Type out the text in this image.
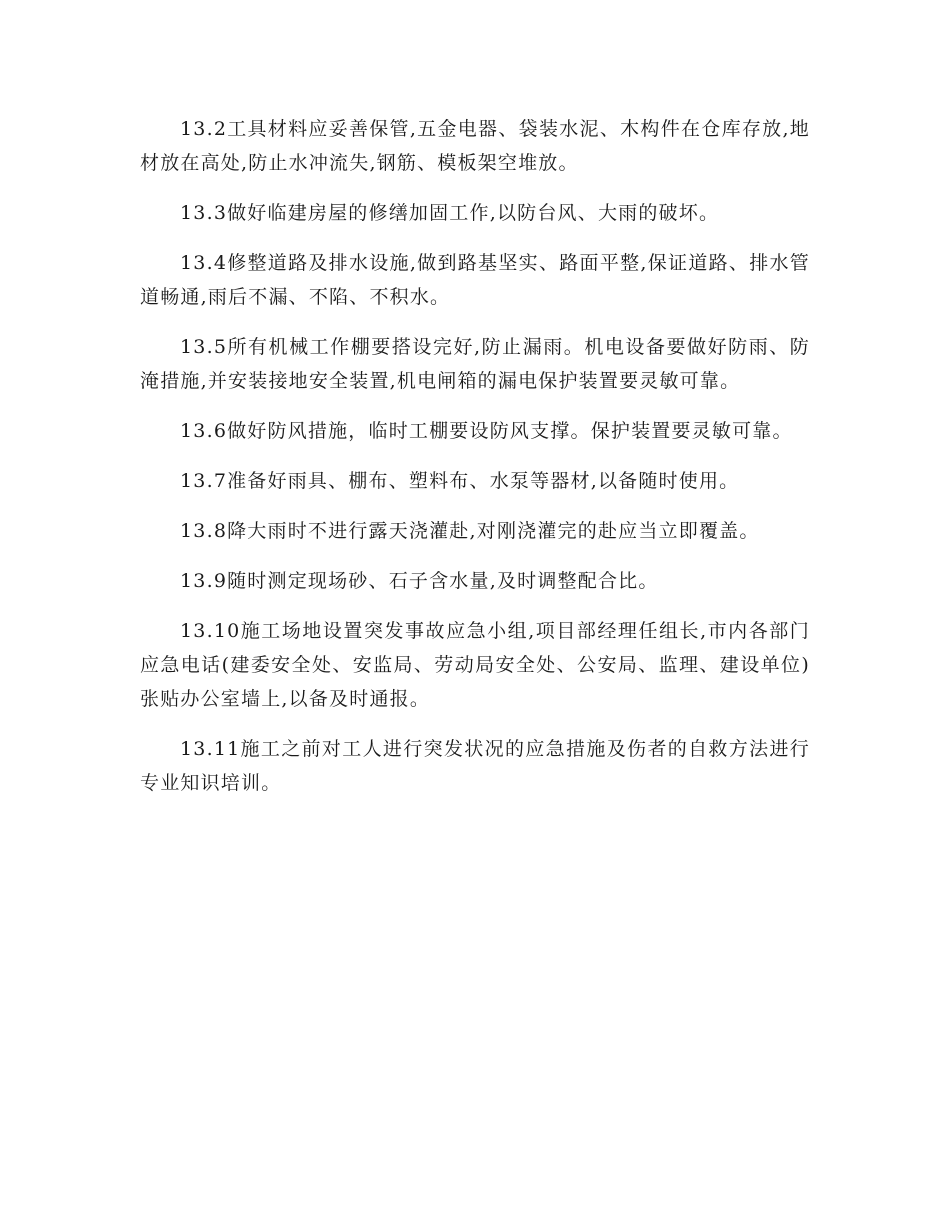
13.2工具材料应妥善保管,五金电器、袋装水泥、木构件在仓库存放,地材放在高处,防止水冲流失,钢筋、模板架空堆放。

13.3做好临建房屋的修缮加固工作,以防台风、大雨的破坏。

13.4修整道路及排水设施,做到路基坚实、路面平整,保证道路、排水管道畅通,雨后不漏、不陷、不积水。

13.5所有机械工作棚要搭设完好,防止漏雨。机电设备要做好防雨、防淹措施,并安装接地安全装置,机电闸箱的漏电保护装置要灵敏可靠。

13.6做好防风措施，临时工棚要设防风支撑。保护装置要灵敏可靠。

13.7准备好雨具、棚布、塑料布、水泵等器材,以备随时使用。

13.8降大雨时不进行露天浇灌赴,对刚浇灌完的赴应当立即覆盖。

13.9随时测定现场砂、石子含水量,及时调整配合比。

13.10施工场地设置突发事故应急小组,项目部经理任组长,市内各部门应急电话(建委安全处、安监局、劳动局安全处、公安局、监理、建设单位)张贴办公室墙上,以备及时通报。

13.11施工之前对工人进行突发状况的应急措施及伤者的自救方法进行专业知识培训。
